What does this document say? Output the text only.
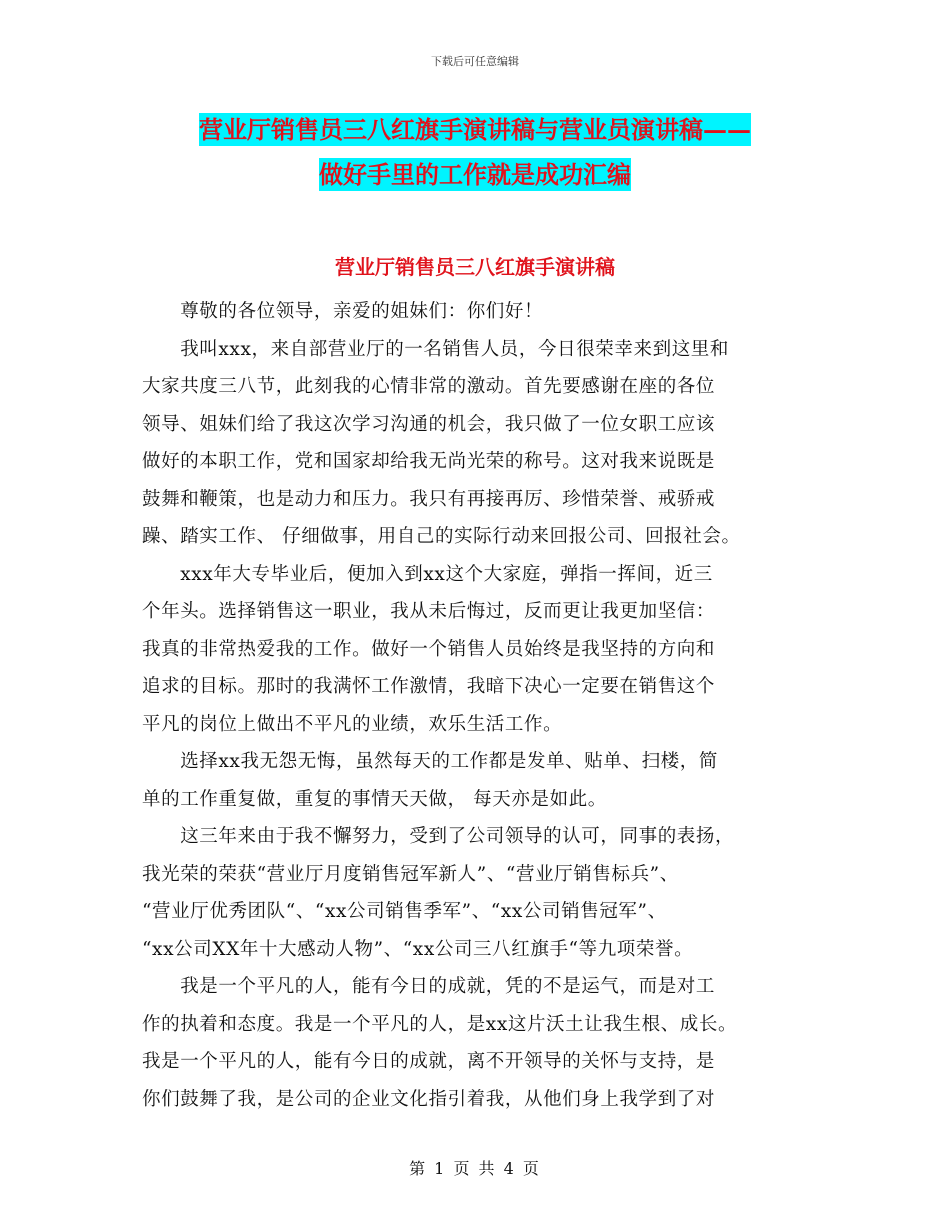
下载后可任意编辑
营业厅销售员三八红旗手演讲稿与营业员演讲稿——
做好手里的工作就是成功汇编
营业厅销售员三八红旗手演讲稿
　　尊敬的各位领导，亲爱的姐妹们：你们好！
　　我叫xxx，来自部营业厅的一名销售人员，今日很荣幸来到这里和
大家共度三八节，此刻我的心情非常的激动。首先要感谢在座的各位
领导、姐妹们给了我这次学习沟通的机会，我只做了一位女职工应该
做好的本职工作，党和国家却给我无尚光荣的称号。这对我来说既是
鼓舞和鞭策，也是动力和压力。我只有再接再厉、珍惜荣誉、戒骄戒
躁、踏实工作、 仔细做事，用自己的实际行动来回报公司、回报社会。
　　xxx年大专毕业后，便加入到xx这个大家庭，弹指一挥间，近三
个年头。选择销售这一职业，我从未后悔过，反而更让我更加坚信：
我真的非常热爱我的工作。做好一个销售人员始终是我坚持的方向和
追求的目标。那时的我满怀工作激情，我暗下决心一定要在销售这个
平凡的岗位上做出不平凡的业绩，欢乐生活工作。
　　选择xx我无怨无悔，虽然每天的工作都是发单、贴单、扫楼，简
单的工作重复做，重复的事情天天做， 每天亦是如此。
　　这三年来由于我不懈努力，受到了公司领导的认可，同事的表扬，
我光荣的荣获“营业厅月度销售冠军新人”、“营业厅销售标兵”、
“营业厅优秀团队“、“xx公司销售季军”、“xx公司销售冠军”、
“xx公司XX年十大感动人物”、“xx公司三八红旗手“等九项荣誉。
　　我是一个平凡的人，能有今日的成就，凭的不是运气，而是对工
作的执着和态度。我是一个平凡的人，是xx这片沃土让我生根、成长。
我是一个平凡的人，能有今日的成就，离不开领导的关怀与支持，是
你们鼓舞了我，是公司的企业文化指引着我，从他们身上我学到了对
第 1 页 共 4 页
